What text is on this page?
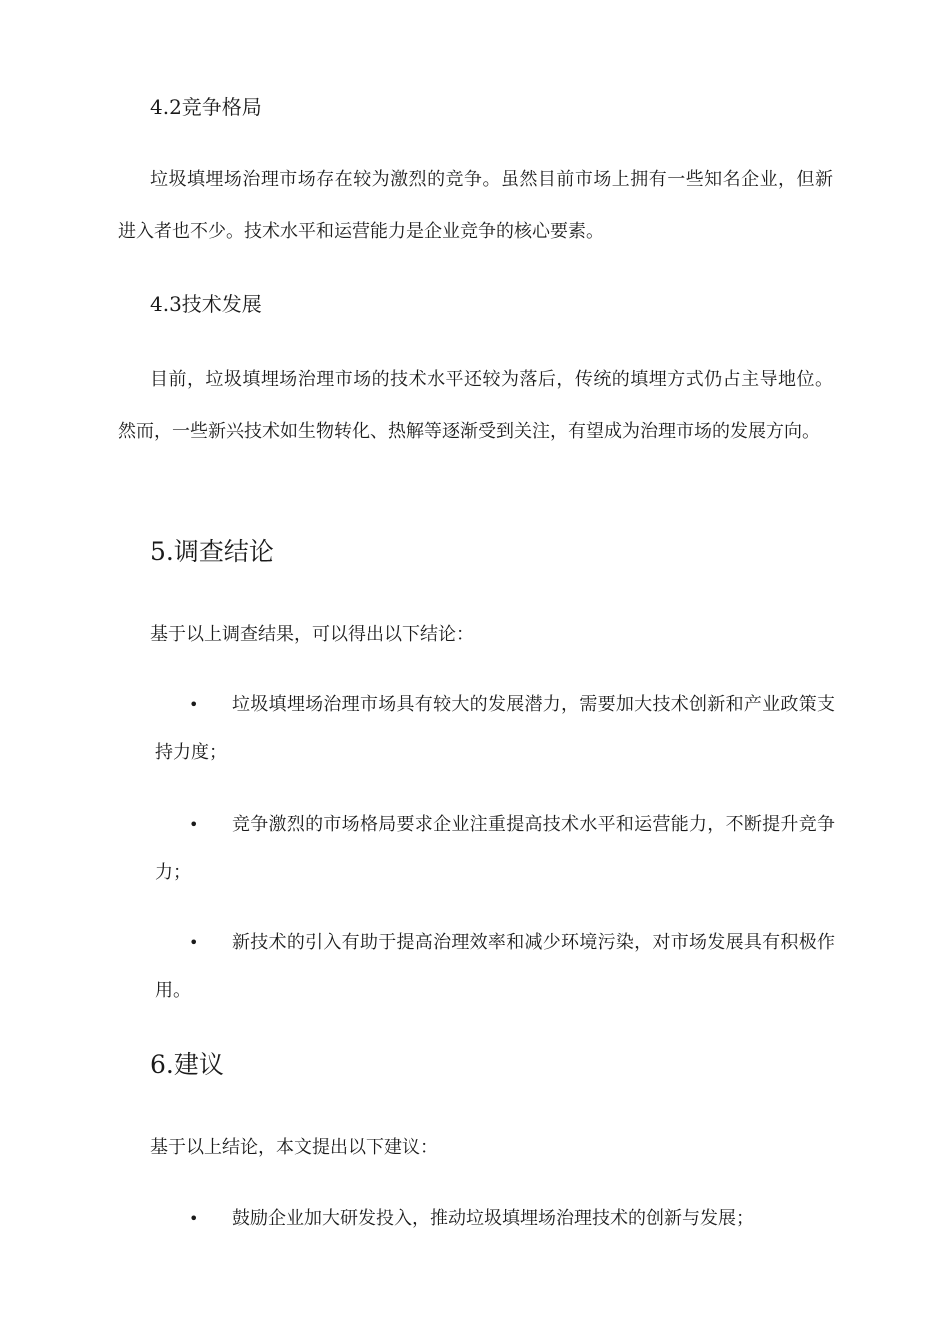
4.2竞争格局
垃圾填埋场治理市场存在较为激烈的竞争。虽然目前市场上拥有一些知名企业，但新进入者也不少。技术水平和运营能力是企业竞争的核心要素。
4.3技术发展
目前，垃圾填埋场治理市场的技术水平还较为落后，传统的填埋方式仍占主导地位。然而，一些新兴技术如生物转化、热解等逐渐受到关注，有望成为治理市场的发展方向。
5.调查结论
基于以上调查结果，可以得出以下结论：
•	垃圾填埋场治理市场具有较大的发展潜力，需要加大技术创新和产业政策支持力度；
•	竞争激烈的市场格局要求企业注重提高技术水平和运营能力，不断提升竞争力；
•	新技术的引入有助于提高治理效率和减少环境污染，对市场发展具有积极作用。
6.建议
基于以上结论，本文提出以下建议：
•	鼓励企业加大研发投入，推动垃圾填埋场治理技术的创新与发展；
